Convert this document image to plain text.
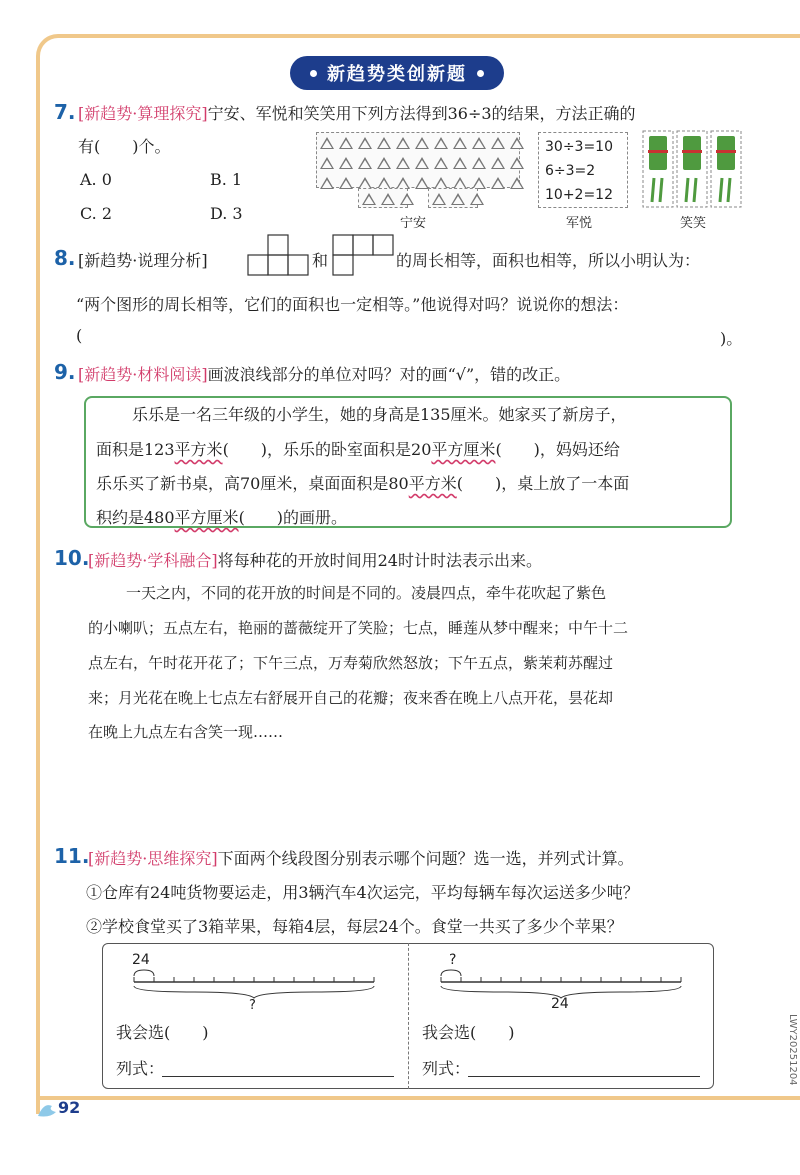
新趋势类创新题
7. [新趋势·算理探究]宁安、军悦和笑笑用下列方法得到36÷3的结果，方法正确的
有(　　)个。
A. 0	B. 1
C. 2	D. 3
宁安
30÷3=10
6÷3=2
10+2=12
军悦	笑笑
8. [新趋势·说理分析]	和	的周长相等，面积也相等，所以小明认为：
“两个图形的周长相等，它们的面积也一定相等。”他说得对吗？说说你的想法：
(	)。
9. [新趋势·材料阅读]画波浪线部分的单位对吗？对的画“√”，错的改正。
乐乐是一名三年级的小学生，她的身高是135厘米。她家买了新房子，
面积是123平方米(　　)，乐乐的卧室面积是20平方厘米(　　)，妈妈还给
乐乐买了新书桌，高70厘米，桌面面积是80平方米(　　)，桌上放了一本面
积约是480平方厘米(　　)的画册。
10.
[新趋势·学科融合]将每种花的开放时间用24时计时法表示出来。
一天之内，不同的花开放的时间是不同的。凌晨四点，牵牛花吹起了紫色
的小喇叭；五点左右，艳丽的蔷薇绽开了笑脸；七点，睡莲从梦中醒来；中午十二
点左右，午时花开花了；下午三点，万寿菊欣然怒放；下午五点，紫茉莉苏醒过
来；月光花在晚上七点左右舒展开自己的花瓣；夜来香在晚上八点开花，昙花却
在晚上九点左右含笑一现……
11.
[新趋势·思维探究]下面两个线段图分别表示哪个问题？选一选，并列式计算。
①仓库有24吨货物要运走，用3辆汽车4次运完，平均每辆车每次运送多少吨？
②学校食堂买了3箱苹果，每箱4层，每层24个。食堂一共买了多少个苹果？
24
?
?
24
我会选(　　)
列式：
我会选(　　)
列式：
92
LWY20251204
